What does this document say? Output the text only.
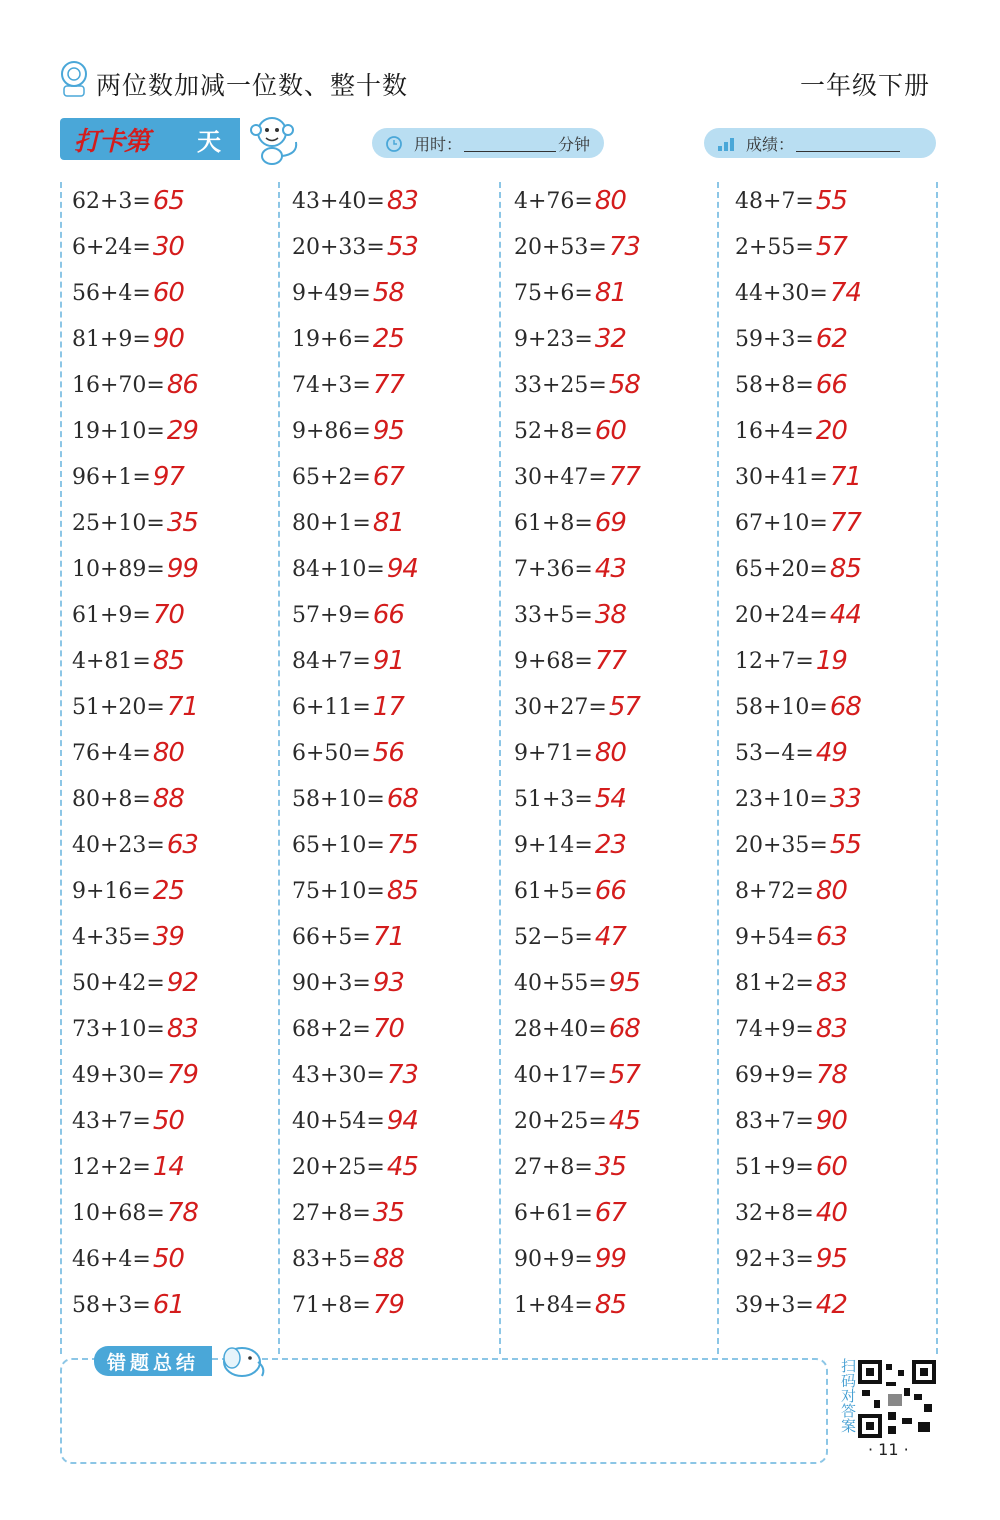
两位数加减一位数、整十数	一年级下册
打卡第 天	用时：	分钟	成绩：
62+3= 65
6+24= 30
56+4= 60
81+9= 90
16+70= 86
19+10= 29
96+1= 97
25+10= 35
10+89= 99
61+9= 70
4+81= 85
51+20= 71
76+4= 80
80+8= 88
40+23= 63
9+16= 25
4+35= 39
50+42= 92
73+10= 83
49+30= 79
43+7= 50
12+2= 14
10+68= 78
46+4= 50
58+3= 61
43+40= 83
20+33= 53
9+49= 58
19+6= 25
74+3= 77
9+86= 95
65+2= 67
80+1= 81
84+10= 94
57+9= 66
84+7= 91
6+11= 17
6+50= 56
58+10= 68
65+10= 75
75+10= 85
66+5= 71
90+3= 93
68+2= 70
43+30= 73
40+54= 94
20+25= 45
27+8= 35
83+5= 88
71+8= 79
4+76= 80
20+53= 73
75+6= 81
9+23= 32
33+25= 58
52+8= 60
30+47= 77
61+8= 69
7+36= 43
33+5= 38
9+68= 77
30+27= 57
9+71= 80
51+3= 54
9+14= 23
61+5= 66
52−5= 47
40+55= 95
28+40= 68
40+17= 57
20+25= 45
27+8= 35
6+61= 67
90+9= 99
1+84= 85
48+7= 55
2+55= 57
44+30= 74
59+3= 62
58+8= 66
16+4= 20
30+41= 71
67+10= 77
65+20= 85
20+24= 44
12+7= 19
58+10= 68
53−4= 49
23+10= 33
20+35= 55
8+72= 80
9+54= 63
81+2= 83
74+9= 83
69+9= 78
83+7= 90
51+9= 60
32+8= 40
92+3= 95
39+3= 42
错题总结	扫码对答案
· 11 ·
